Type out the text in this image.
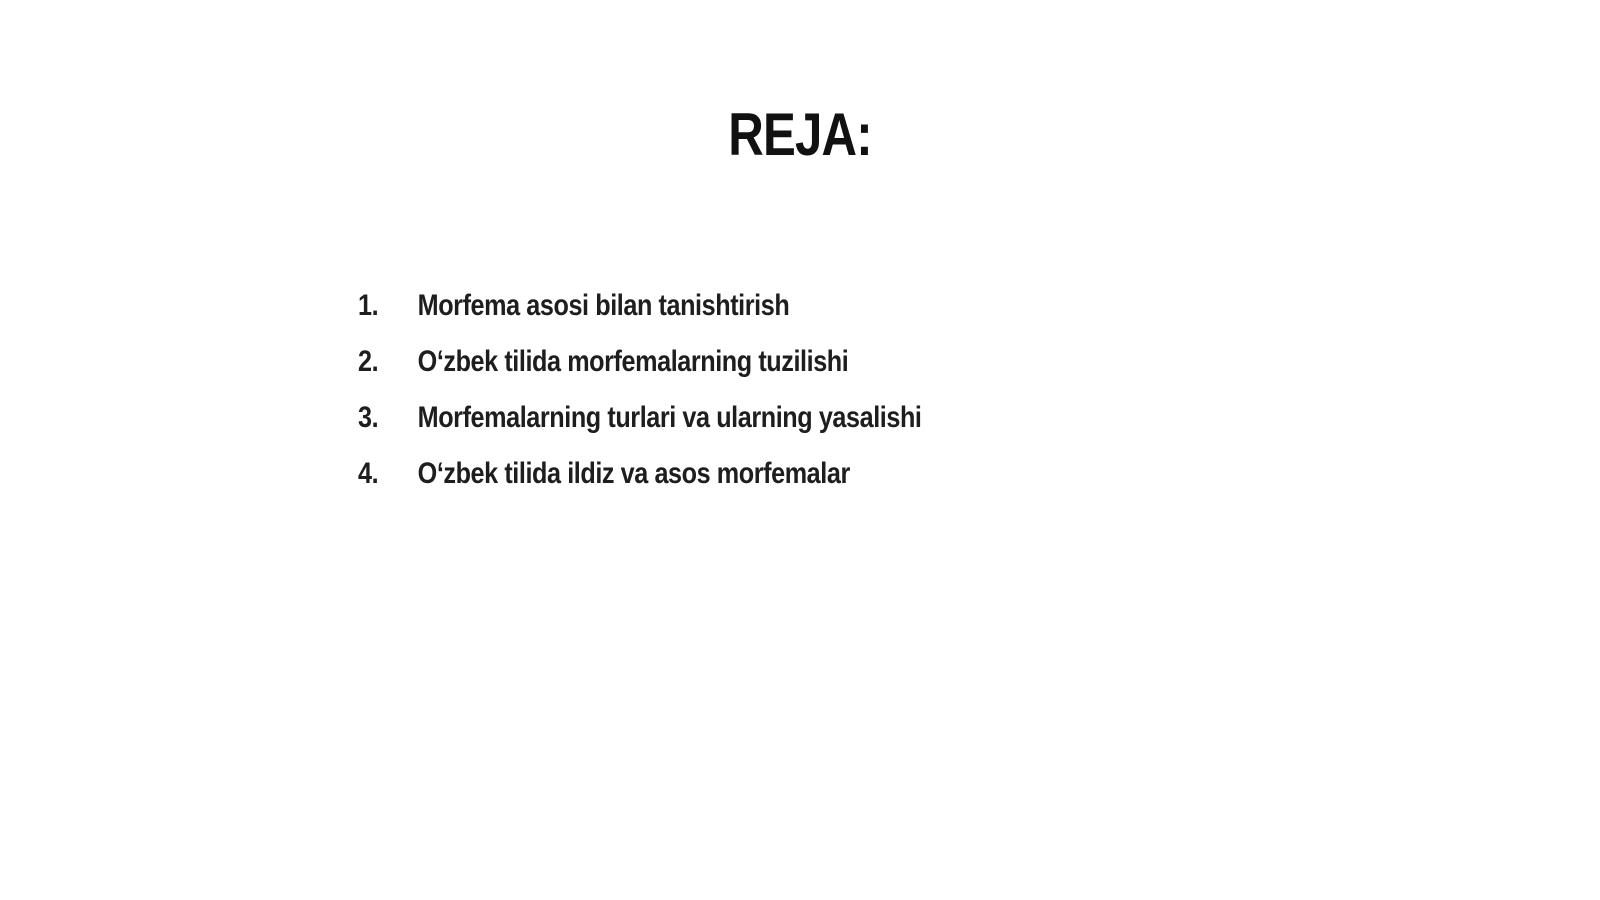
REJA:
1.	Morfema asosi bilan tanishtirish
2.	O‘zbek tilida morfemalarning tuzilishi
3.	Morfemalarning turlari va ularning yasalishi
4.	O‘zbek tilida ildiz va asos morfemalar
